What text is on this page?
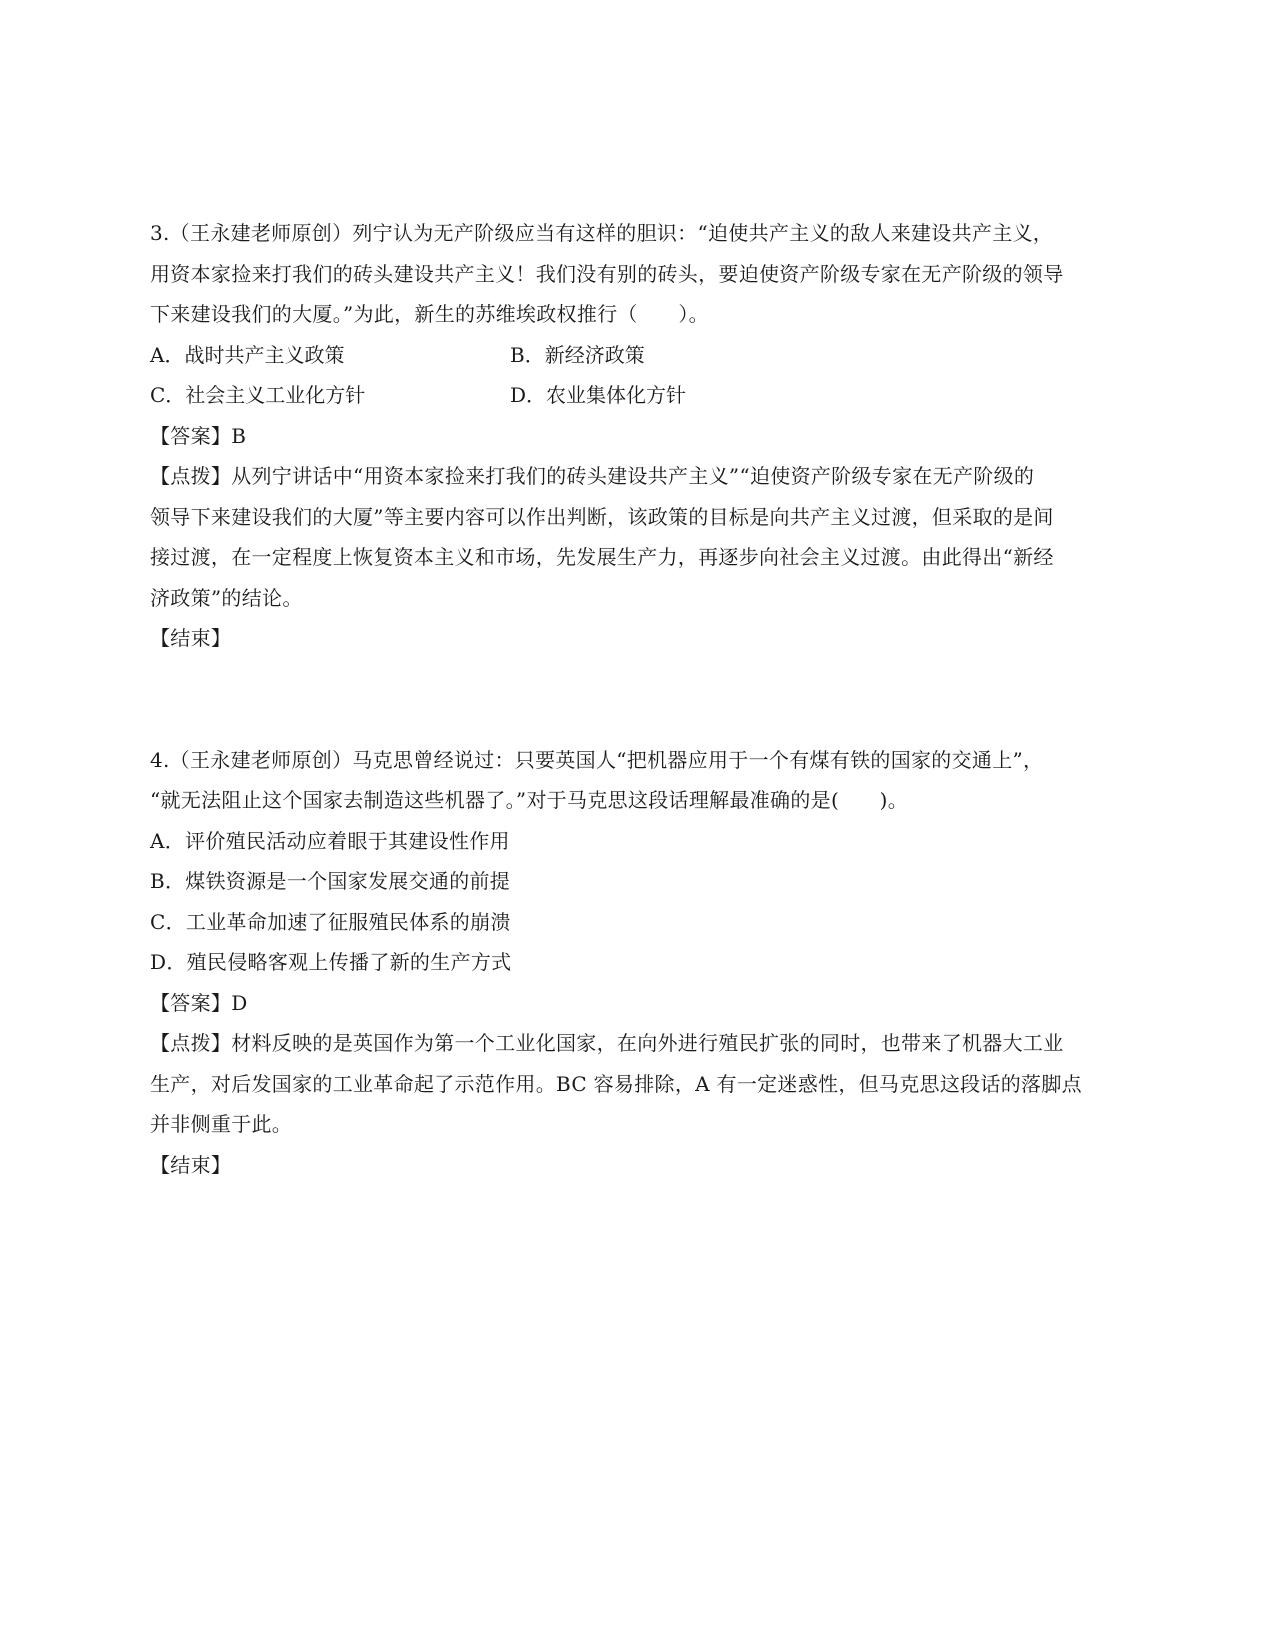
3.（王永建老师原创）列宁认为无产阶级应当有这样的胆识：“迫使共产主义的敌人来建设共产主义，
用资本家捡来打我们的砖头建设共产主义！我们没有别的砖头，要迫使资产阶级专家在无产阶级的领导
下来建设我们的大厦。”为此，新生的苏维埃政权推行（　　）。
A．战时共产主义政策	B．新经济政策
C．社会主义工业化方针	D．农业集体化方针
【答案】B
【点拨】从列宁讲话中“用资本家捡来打我们的砖头建设共产主义”“迫使资产阶级专家在无产阶级的
领导下来建设我们的大厦”等主要内容可以作出判断，该政策的目标是向共产主义过渡，但采取的是间
接过渡，在一定程度上恢复资本主义和市场，先发展生产力，再逐步向社会主义过渡。由此得出“新经
济政策”的结论。
【结束】
4.（王永建老师原创）马克思曾经说过：只要英国人“把机器应用于一个有煤有铁的国家的交通上”，
“就无法阻止这个国家去制造这些机器了。”对于马克思这段话理解最准确的是(　　)。
A．评价殖民活动应着眼于其建设性作用
B．煤铁资源是一个国家发展交通的前提
C．工业革命加速了征服殖民体系的崩溃
D．殖民侵略客观上传播了新的生产方式
【答案】D
【点拨】材料反映的是英国作为第一个工业化国家，在向外进行殖民扩张的同时，也带来了机器大工业
生产，对后发国家的工业革命起了示范作用。BC 容易排除，A 有一定迷惑性，但马克思这段话的落脚点
并非侧重于此。
【结束】
